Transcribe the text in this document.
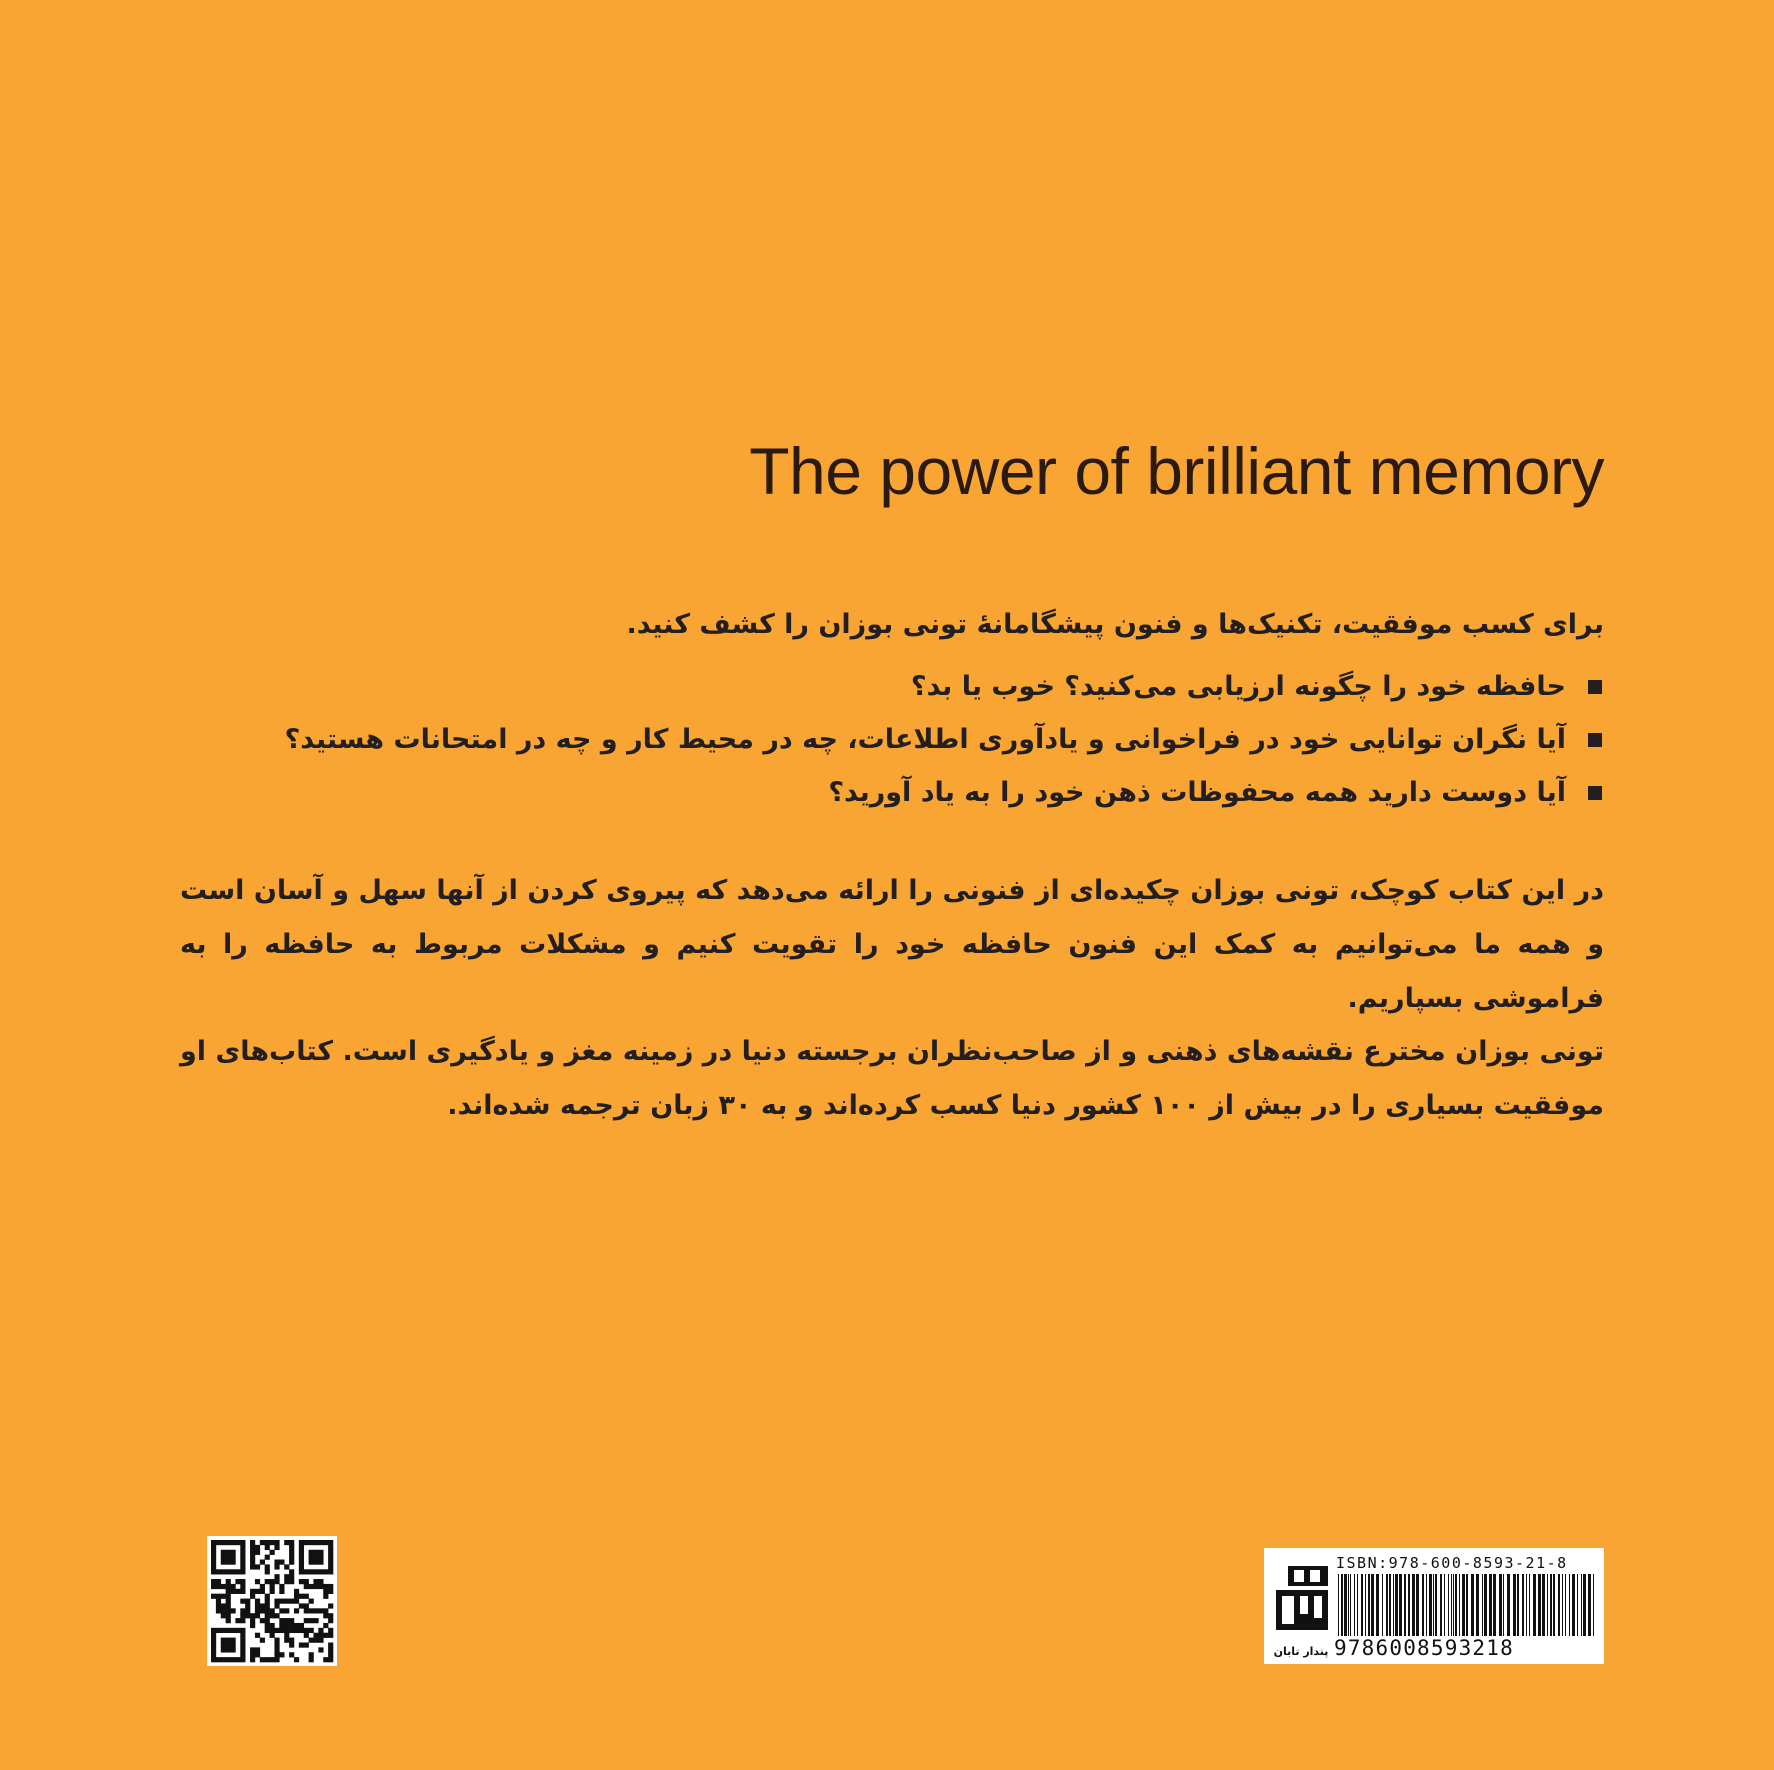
The power of brilliant memory
برای کسب موفقیت، تکنیک‌ها و فنون پیشگامانهٔ تونی بوزان را کشف کنید.
حافظه خود را چگونه ارزیابی می‌کنید؟ خوب یا بد؟
آیا نگران توانایی خود در فراخوانی و یادآوری اطلاعات، چه در محیط کار و چه در امتحانات هستید؟
آیا دوست دارید همه محفوظات ذهن خود را به یاد آورید؟
در این کتاب کوچک، تونی بوزان چکیده‌ای از فنونی را ارائه می‌دهد که پیروی کردن از آنها سهل و آسان است و همه ما می‌توانیم به کمک این فنون حافظه خود را تقویت کنیم و مشکلات مربوط به حافظه را به فراموشی بسپاریم.
تونی بوزان مخترع نقشه‌های ذهنی و از صاحب‌نظران برجسته دنیا در زمینه مغز و یادگیری است. کتاب‌های او موفقیت بسیاری را در بیش از ۱۰۰ کشور دنیا کسب کرده‌اند و به ۳۰ زبان ترجمه شده‌اند.
پندار تابان
ISBN:978-600-8593-21-8
9786008593218
